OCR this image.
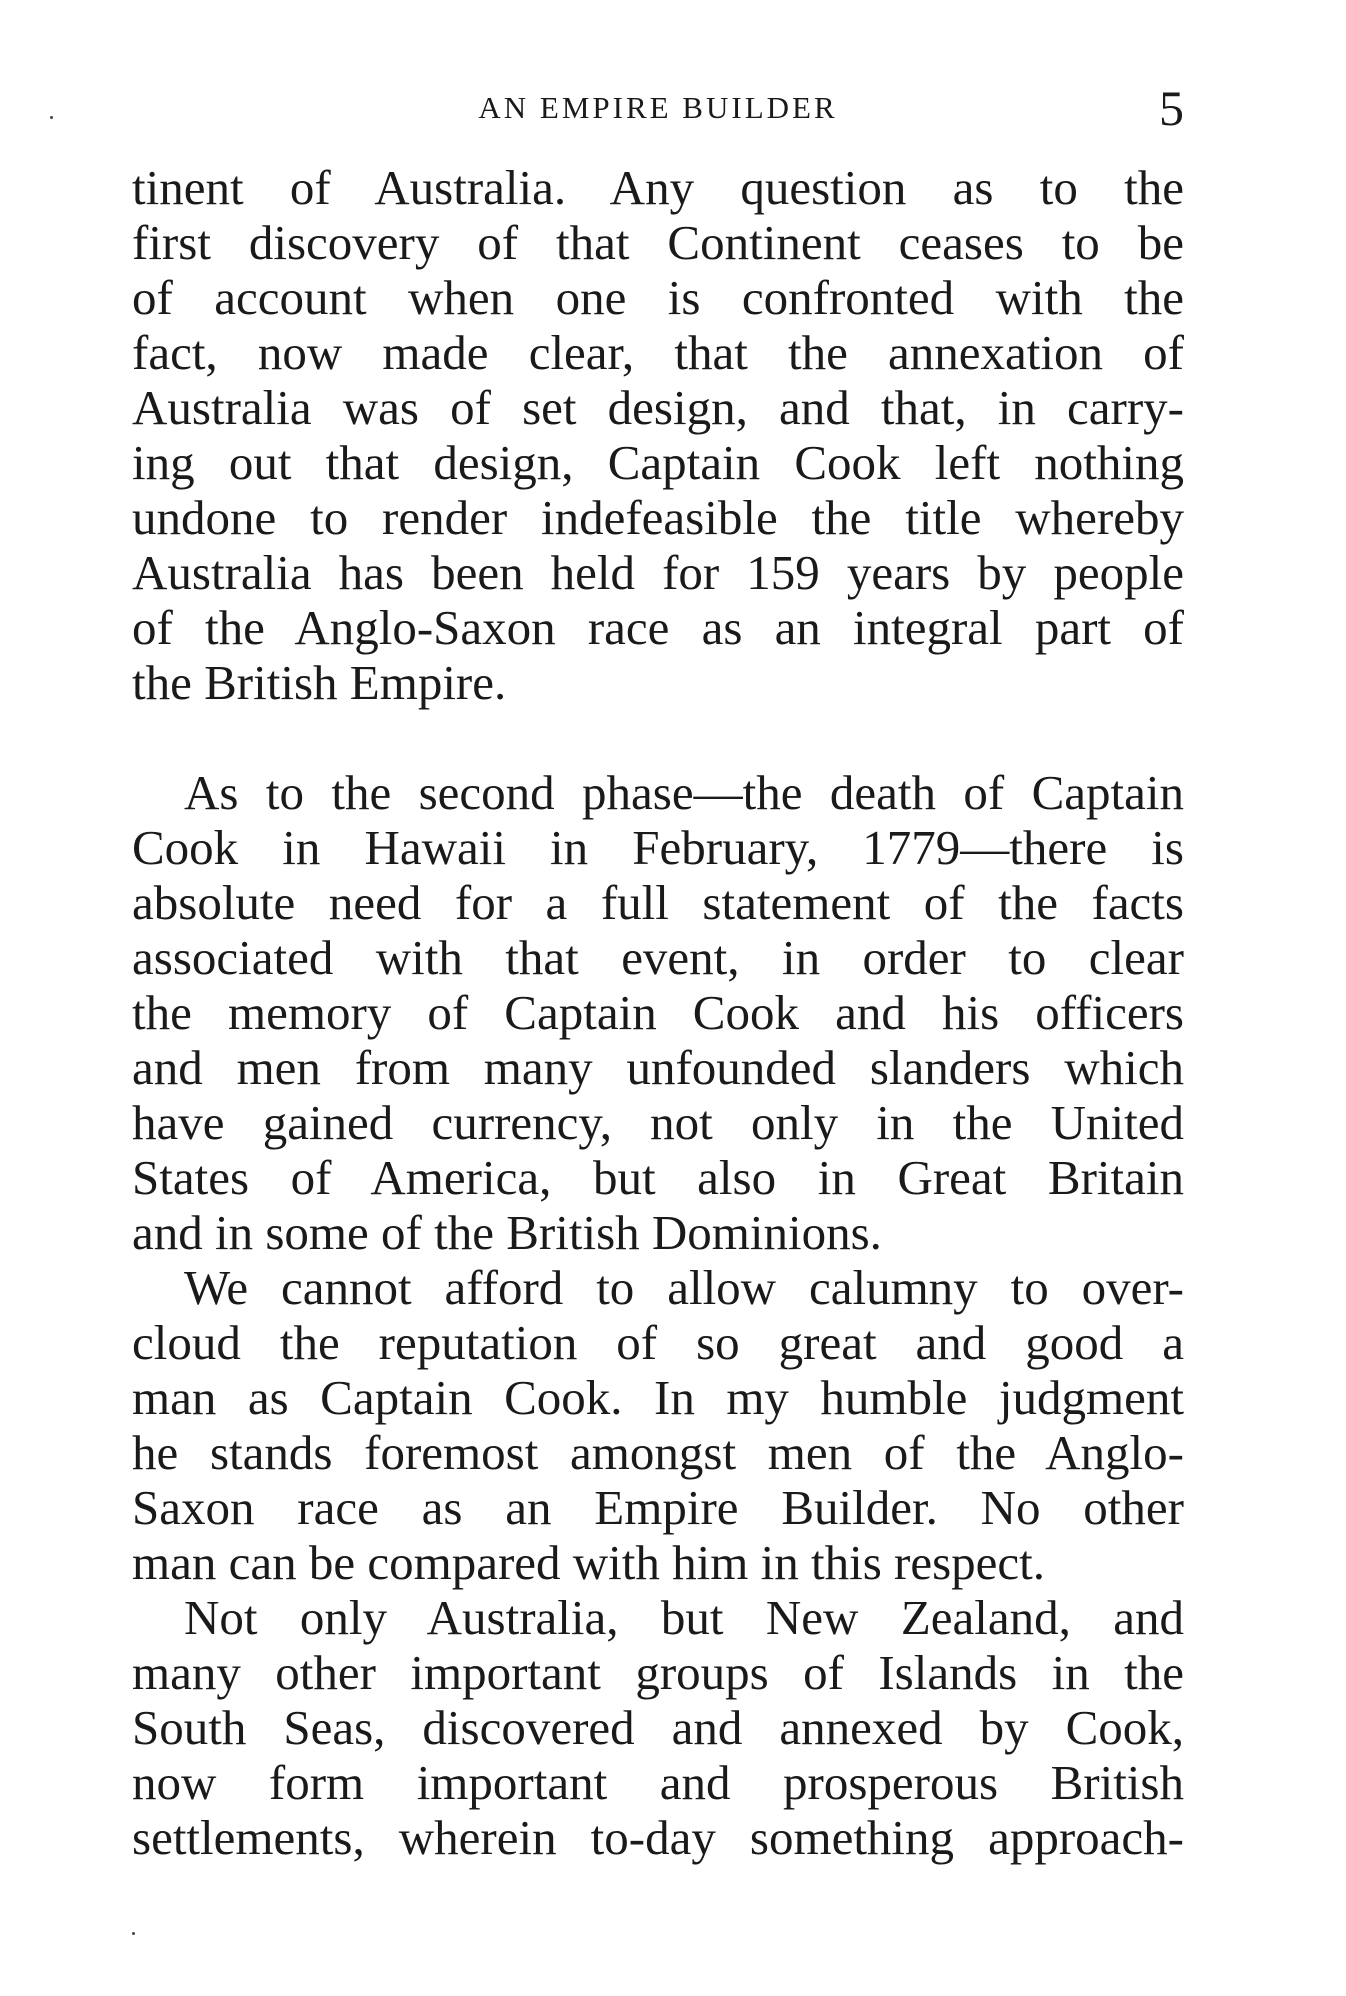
AN EMPIRE BUILDER	5
tinent of Australia. Any question as to the
first discovery of that Continent ceases to be
of account when one is confronted with the
fact, now made clear, that the annexation of
Australia was of set design, and that, in carry-
ing out that design, Captain Cook left nothing
undone to render indefeasible the title whereby
Australia has been held for 159 years by people
of the Anglo-Saxon race as an integral part of
the British Empire.
As to the second phase—the death of Captain
Cook in Hawaii in February, 1779—there is
absolute need for a full statement of the facts
associated with that event, in order to clear
the memory of Captain Cook and his officers
and men from many unfounded slanders which
have gained currency, not only in the United
States of America, but also in Great Britain
and in some of the British Dominions.
We cannot afford to allow calumny to over-
cloud the reputation of so great and good a
man as Captain Cook. In my humble judgment
he stands foremost amongst men of the Anglo-
Saxon race as an Empire Builder. No other
man can be compared with him in this respect.
Not only Australia, but New Zealand, and
many other important groups of Islands in the
South Seas, discovered and annexed by Cook,
now form important and prosperous British
settlements, wherein to-day something approach-
